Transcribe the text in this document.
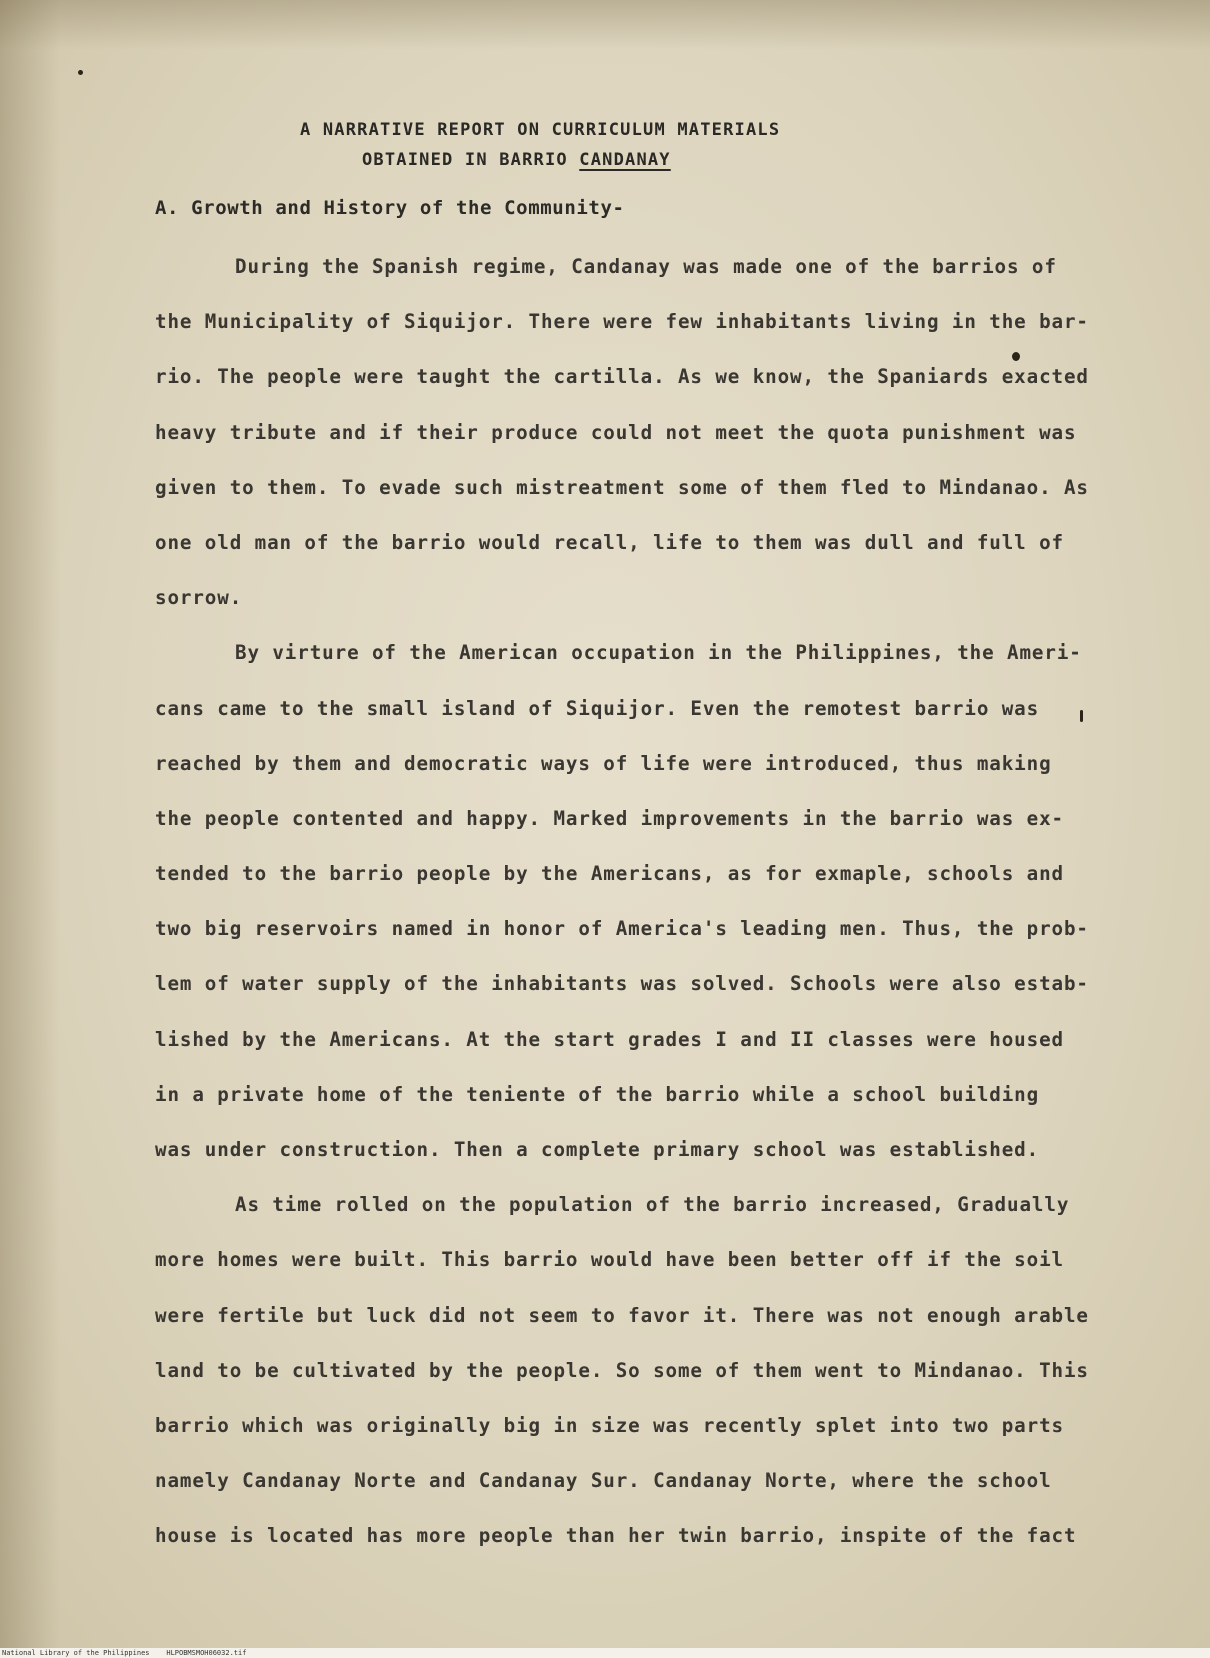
A NARRATIVE REPORT ON CURRICULUM MATERIALS
OBTAINED IN BARRIO CANDANAY
A. Growth and History of the Community-
During the Spanish regime, Candanay was made one of the barrios of
the Municipality of Siquijor. There were few inhabitants living in the bar-
rio. The people were taught the cartilla. As we know, the Spaniards exacted
heavy tribute and if their produce could not meet the quota punishment was
given to them. To evade such mistreatment some of them fled to Mindanao. As
one old man of the barrio would recall, life to them was dull and full of
sorrow.
By virture of the American occupation in the Philippines, the Ameri-
cans came to the small island of Siquijor. Even the remotest barrio was
reached by them and democratic ways of life were introduced, thus making
the people contented and happy. Marked improvements in the barrio was ex-
tended to the barrio people by the Americans, as for exmaple, schools and
two big reservoirs named in honor of America's leading men. Thus, the prob-
lem of water supply of the inhabitants was solved. Schools were also estab-
lished by the Americans. At the start grades I and II classes were housed
in a private home of the teniente of the barrio while a school building
was under construction. Then a complete primary school was established.
As time rolled on the population of the barrio increased, Gradually
more homes were built. This barrio would have been better off if the soil
were fertile but luck did not seem to favor it. There was not enough arable
land to be cultivated by the people. So some of them went to Mindanao. This
barrio which was originally big in size was recently splet into two parts
namely Candanay Norte and Candanay Sur. Candanay Norte, where the school
house is located has more people than her twin barrio, inspite of the fact
National Library of the Philippines    HLPOBMSMOH06032.tif
